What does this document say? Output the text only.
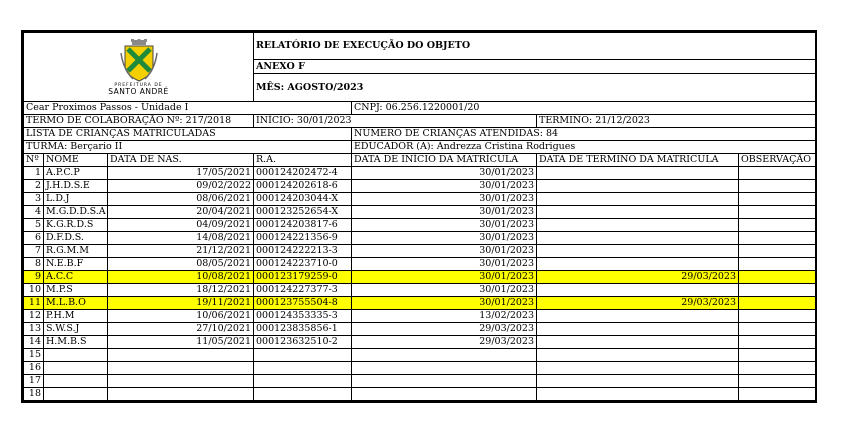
PREFEITURA DE
SANTO ANDRÉ			RELATÓRIO DE EXECUÇÃO DO OBJETO			
			ANEXO F			
			MÊS: AGOSTO/2023			
Cear Proximos Passos - Unidade I				CNPJ: 06.256.1220001/20		
TERMO DE COLABORAÇÃO Nº: 217/2018			INÍCIO: 30/01/2023		TERMINO: 21/12/2023	
LISTA DE CRIANÇAS MATRICULADAS				NÚMERO DE CRIANÇAS ATENDIDAS: 84		
TURMA: Berçario II				EDUCADOR (A): Andrezza Cristina Rodrigues		
Nº	NOME	DATA DE NAS.	R.A.	DATA DE INÍCIO DA MATRÍCULA	DATA DE TERMINO DA MATRICULA	OBSERVAÇÃO
1	A.P.C.P	17/05/2021	000124202472-4	30/01/2023		
2	J.H.D.S.E	09/02/2022	000124202618-6	30/01/2023		
3	L.D.J	08/06/2021	000124203044-X	30/01/2023		
4	M.G.D.D.S.A	20/04/2021	000123252654-X	30/01/2023		
5	K.G.R.D.S	04/09/2021	000124203817-6	30/01/2023		
6	D.F.D.S.	14/08/2021	000124221356-9	30/01/2023		
7	R.G.M.M	21/12/2021	000124222213-3	30/01/2023		
8	N.E.B.F	08/05/2021	000124223710-0	30/01/2023		
9	A.C.C	10/08/2021	000123179259-0	30/01/2023	29/03/2023	
10	M.P.S	18/12/2021	000124227377-3	30/01/2023		
11	M.L.B.O	19/11/2021	000123755504-8	30/01/2023	29/03/2023	
12	P.H.M	10/06/2021	000124353335-3	13/02/2023		
13	S.W.S.J	27/10/2021	000123835856-1	29/03/2023		
14	H.M.B.S	11/05/2021	000123632510-2	29/03/2023		
15						
16						
17						
18						
